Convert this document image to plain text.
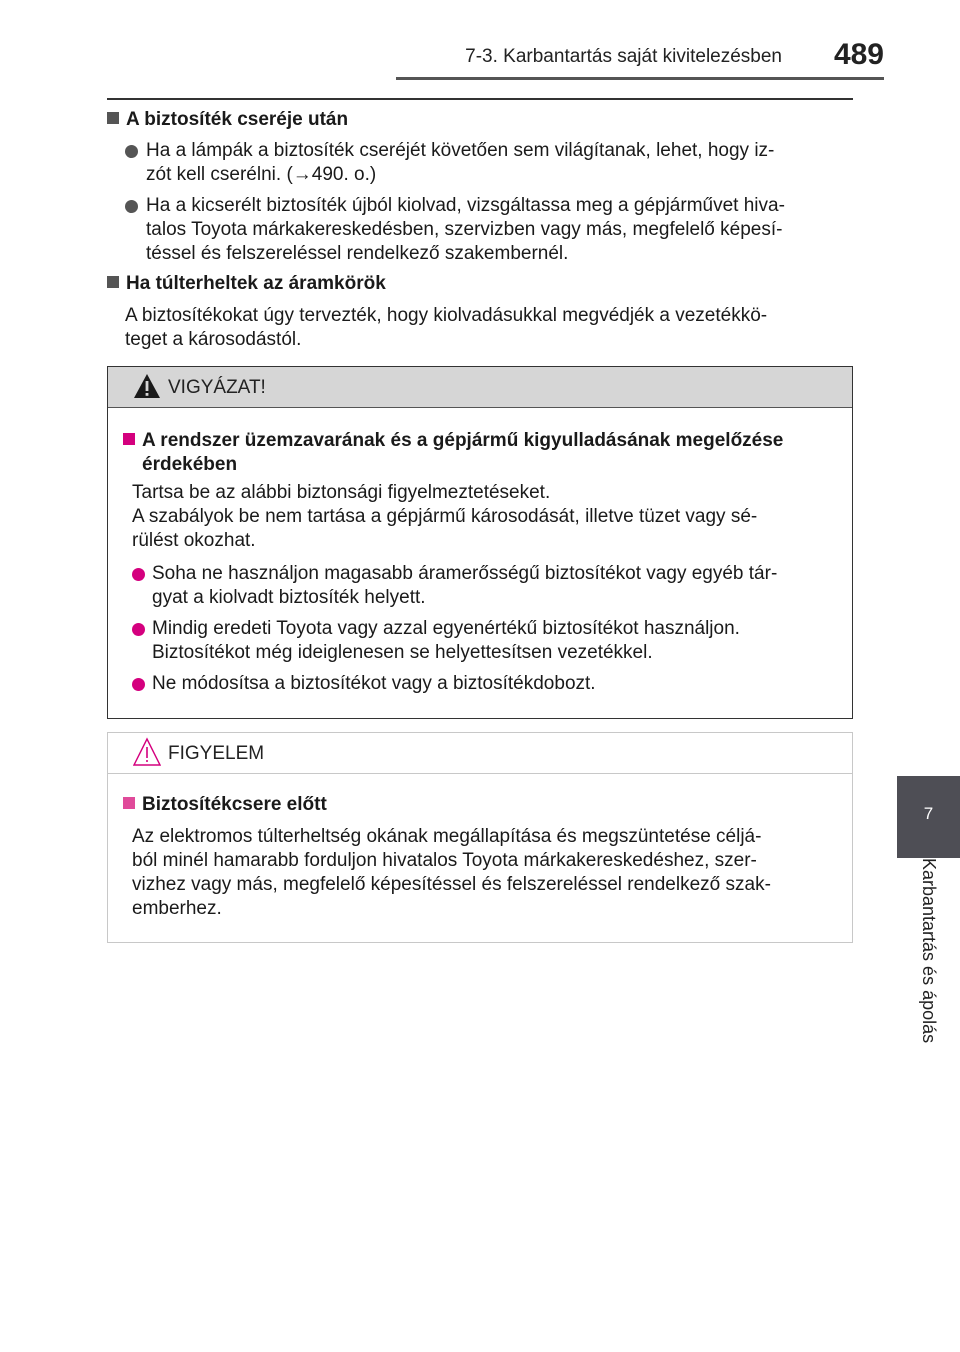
7-3. Karbantartás saját kivitelezésben 489
7
Karbantartás és ápolás
A biztosíték cseréje után
Ha a lámpák a biztosíték cseréjét követően sem világítanak, lehet, hogy iz-
zót kell cserélni. (→490. o.)
Ha a kicserélt biztosíték újból kiolvad, vizsgáltassa meg a gépjárművet hiva-
talos Toyota márkakereskedésben, szervizben vagy más, megfelelő képesí-
téssel és felszereléssel rendelkező szakembernél.
Ha túlterheltek az áramkörök
A biztosítékokat úgy tervezték, hogy kiolvadásukkal megvédjék a vezetékkö-
teget a károsodástól.
VIGYÁZAT!
A rendszer üzemzavarának és a gépjármű kigyulladásának megelőzése
érdekében
Tartsa be az alábbi biztonsági figyelmeztetéseket.
A szabályok be nem tartása a gépjármű károsodását, illetve tüzet vagy sé-
rülést okozhat.
Soha ne használjon magasabb áramerősségű biztosítékot vagy egyéb tár-
gyat a kiolvadt biztosíték helyett.
Mindig eredeti Toyota vagy azzal egyenértékű biztosítékot használjon.
Biztosítékot még ideiglenesen se helyettesítsen vezetékkel.
Ne módosítsa a biztosítékot vagy a biztosítékdobozt.
FIGYELEM
Biztosítékcsere előtt
Az elektromos túlterheltség okának megállapítása és megszüntetése céljá-
ból minél hamarabb forduljon hivatalos Toyota márkakereskedéshez, szer-
vizhez vagy más, megfelelő képesítéssel és felszereléssel rendelkező szak-
emberhez.
